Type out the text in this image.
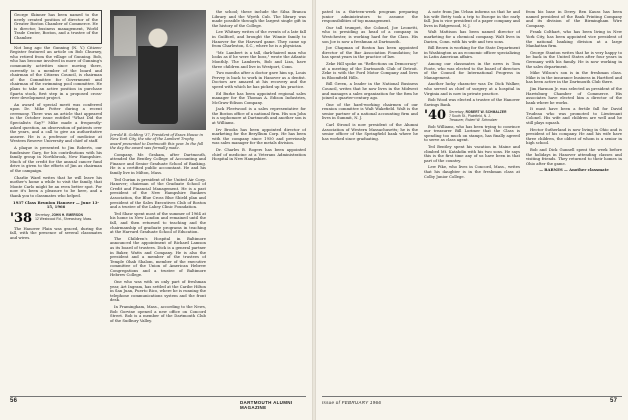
George Skinner has been named to the newly created position of director of the Greater Boston Chamber of Commerce. He is director, business management, World Trade Center, Boston, and a trustee of the Chamber.

Not long ago the Gunning (N. Y.) Citizen-Register featured an article on Bob Churney, who retired from the village of Gunning. Bob, who has become involved in more of Gunning's community activities since moving there, currently is a member of the board and chairman of the Citizens Council, is chairman of the Committee for Government and chairman of the swimming pool committee. He plans to take an active position in purchase Sparta stock, first step in a proposed cross-river development project.

An award of special merit was conferred upon Dr. Mike Potter during a recent ceremony. There was an article that appeared in the October issue entitled "What Did the Specialists Say?" Mike made a frequently-asked question, an observation of patients over the years, and a call to give an authoritative answer. He is a professor of medicine at Western Reserve University and chief of staff.

A plaque is presented to Jim Roberts, our fundraiser Gary, for his contributions with his family group in Northbrook, New Hampshire. Much of the credit for the annual cancer fund drive is given to the efforts of Jim as chairman of the campaign.

Charlie Ward writes that he will leave his mother's home a while to visit the family, that Monte Carlo might be an even better spot. For now it's been a pleasure to be here, and a thank you to classmates who helped.

1937 Class Reunion Hanover — June 13-15, 1966

'38 Secretary, JOHN H. EMERSON
12 Westwood Rd., Shrewsbury, Mass.

The Hanover Plain was graced, during the fall, with the presence of several classmates and wives.

Jerrold B. Golding '37, President of Essex House in New York City, the site of the Lambert Trophy award presented to Dartmouth this year. In the fall the day the award was formally made.

Company. Mr. Graham, after Dartmouth, attended the Bentley College of Accounting and Finance and Senior Graduate School of Banking. He is a certified public accountant. He and his family live in Milton, Mass.

Ted Gurian is president of the United Air Corp. Hanover; chairman of the Graduate School of Credit and Financial Management. He is a past president of the New Hampshire Bankers Association, the Blue Cross Blue Shield plan and president of the Sales Executives Club of Boston and a trustee of the Lahey Clinic Foundation.

Ted Shaw spent most of the summer of 1964 at his home in New London and remained until the fall, and then returned to teaching and the chairmanship of graduate programs in teaching at the Harvard Graduate School of Education.

The Children's Hospital in Baltimore announced the appointment of Richard Lamson as its board of trustees. Dick is a general partner in Baker, Watts and Company. He is also the president and a member of the trustees of Temple Ohab Shalom, member of the executive committee of the Union of American Hebrew Congregations and a trustee of Baltimore Hebrew College.

One who was with us only part of freshman year, Art Ingram, has settled at the Caribe Hilton in San Juan, Puerto Rico, where he is running the telephone communications system and the front desk.

In Framingham, Mass., according to the News, Bob Gorvine opened a new office on Concord Street. Bob is a member of the Dartmouth Club of the Sudbury Valley.

the school; these include the Silsa Branca Library and the Wyeth Cub. The library was made possible through the largest single gift in the history of the College.

Lee Whitney writes of the events of a late fall in Guilford, and brought the Winnie family to Hanover for the Harvard game. They came up from Charleston, S.C., where he is a physician.

"Mr. Lambert is a tall, dark-haired man who looks as if he were the boss," wrote the Atlantic Monthly. The Lamberts, Bob and Liza, have three children and live in Westport, Conn.

Two months after a doctor gave him up, Louis Pervey is back to work in Hanover as a dentist. Doctors are amazed at his recovery and the speed with which he has picked up his practice.

Ed Burke has been appointed regional sales manager for the Thomas A. Edison Industries, McGraw-Edison Company.

Jack Fleetwood is a sales representative for the Boston office of a national firm. His son John is a sophomore at Dartmouth and another son is at Williams.

Irv Brooks has been appointed director of marketing for the Beryllium Corp. He has been with the company since 1950 and previously was sales manager for the metals division.

Dr. Charles B. Rogers has been appointed chief of medicine at a Veterans Administration Hospital in New Hampshire.

56	DARTMOUTH ALUMNI MAGAZINE

pated in a thirteen-week program preparing junior administrators to assume the responsibilities of top management.

Our tall trumpet, the Colonel, Joe Leonetti, who is presiding as head of a company in Westchester, is working hard for the Class. His son Joe is now a freshman at Dartmouth.

Joe Chapman of Boston has been appointed director of the Bar Association Foundation; he has spent years in the practice of law.

Zeke Hill spoke on "Reflections on Democracy" at a meeting of the Dartmouth Club of Detroit. Zeke is with the Ford Motor Company and lives in Bloomfield Hills.

Bill Green, a leader in the National Business Council, writes that he now lives in the Midwest and manages a sales organization for the firm he joined a quarter-century ago.

One of the hard-working chairmen of our reunion committee is Walt Wakefield. Walt is the senior partner of a national accounting firm and lives in Summit, N. J.

Carl Stroud is now president of the Alumni Association of Western Massachusetts; he is the senior officer of the Springfield bank where he has worked since graduating.

A note from Jim Urban informs us that he and his wife Betty took a trip to Europe in the early fall. Jim is vice president of a paper company and lives in Ridgewood, N. J.

Walt Mattison has been named director of marketing for a chemical company. Walt lives in Darien, Conn. with his wife and two sons.

Bill Brown is working for the State Department in Washington as an economic officer specializing in Latin American affairs.

Among our classmates in the news is Tom Foote, who was elected to the board of directors of the Council for International Progress in Management.

Another lucky character was Dr. Dick Walker, who served as chief of surgery at a hospital in Virginia and is now in private practice.

Bob Wood was elected a trustee of the Hanover Savings Bank.

'40 Secretary, ROBERT W. SCHMALZER
7 South St., Plainfield, N. J.
Treasurer, Robert W. Schmalzer

Bob Williams, who has been trying to convince our treasurer Bill Lorimer that the Class is spending too much on stamps, has finally agreed to serve as class agent.

Ted Bentley spent his vacation in Maine and climbed Mt. Katahdin with his two sons. He says this is the first time any of us have been in that part of the country.

Lew Pike, who lives in Concord, Mass., writes that his daughter is in the freshman class at Colby Junior College.

from his base in Derry. Ben Kauss has been named president of the Bank Printing Company and its division of the Birmingham Wire Company.

Frank Colthart, who has been living in New York City, has been appointed vice president of the national banking division at a large Manhattan firm.

George Stanton writes that he is very happy to be back in the United States after four years in Germany with his family. He is now working in the sales department.

Mike Wilson's son is in the freshman class. Mike is in the insurance business in Hartford and has been active in the Dartmouth Club there.

Jim Harmon Jr. was selected as president of the Harrisburg Chamber of Commerce. His associates have elected him a director of the bank where he works.

It must have been a fertile fall for David Trudeau who was promoted to Lieutenant Colonel. His wife and children are well and he still plays squash.

Hector Sutherland is now living in Ohio and is president of his company. He and his wife have three children, the oldest of whom is a senior in high school.

Bob and Dick Gunnell spent the week before the holidays in Hanover attending classes and visiting friends. They returned to their homes in Ohio after the game.

— BARNES — Another classmate

Issue of FEBRUARY 1966	57
